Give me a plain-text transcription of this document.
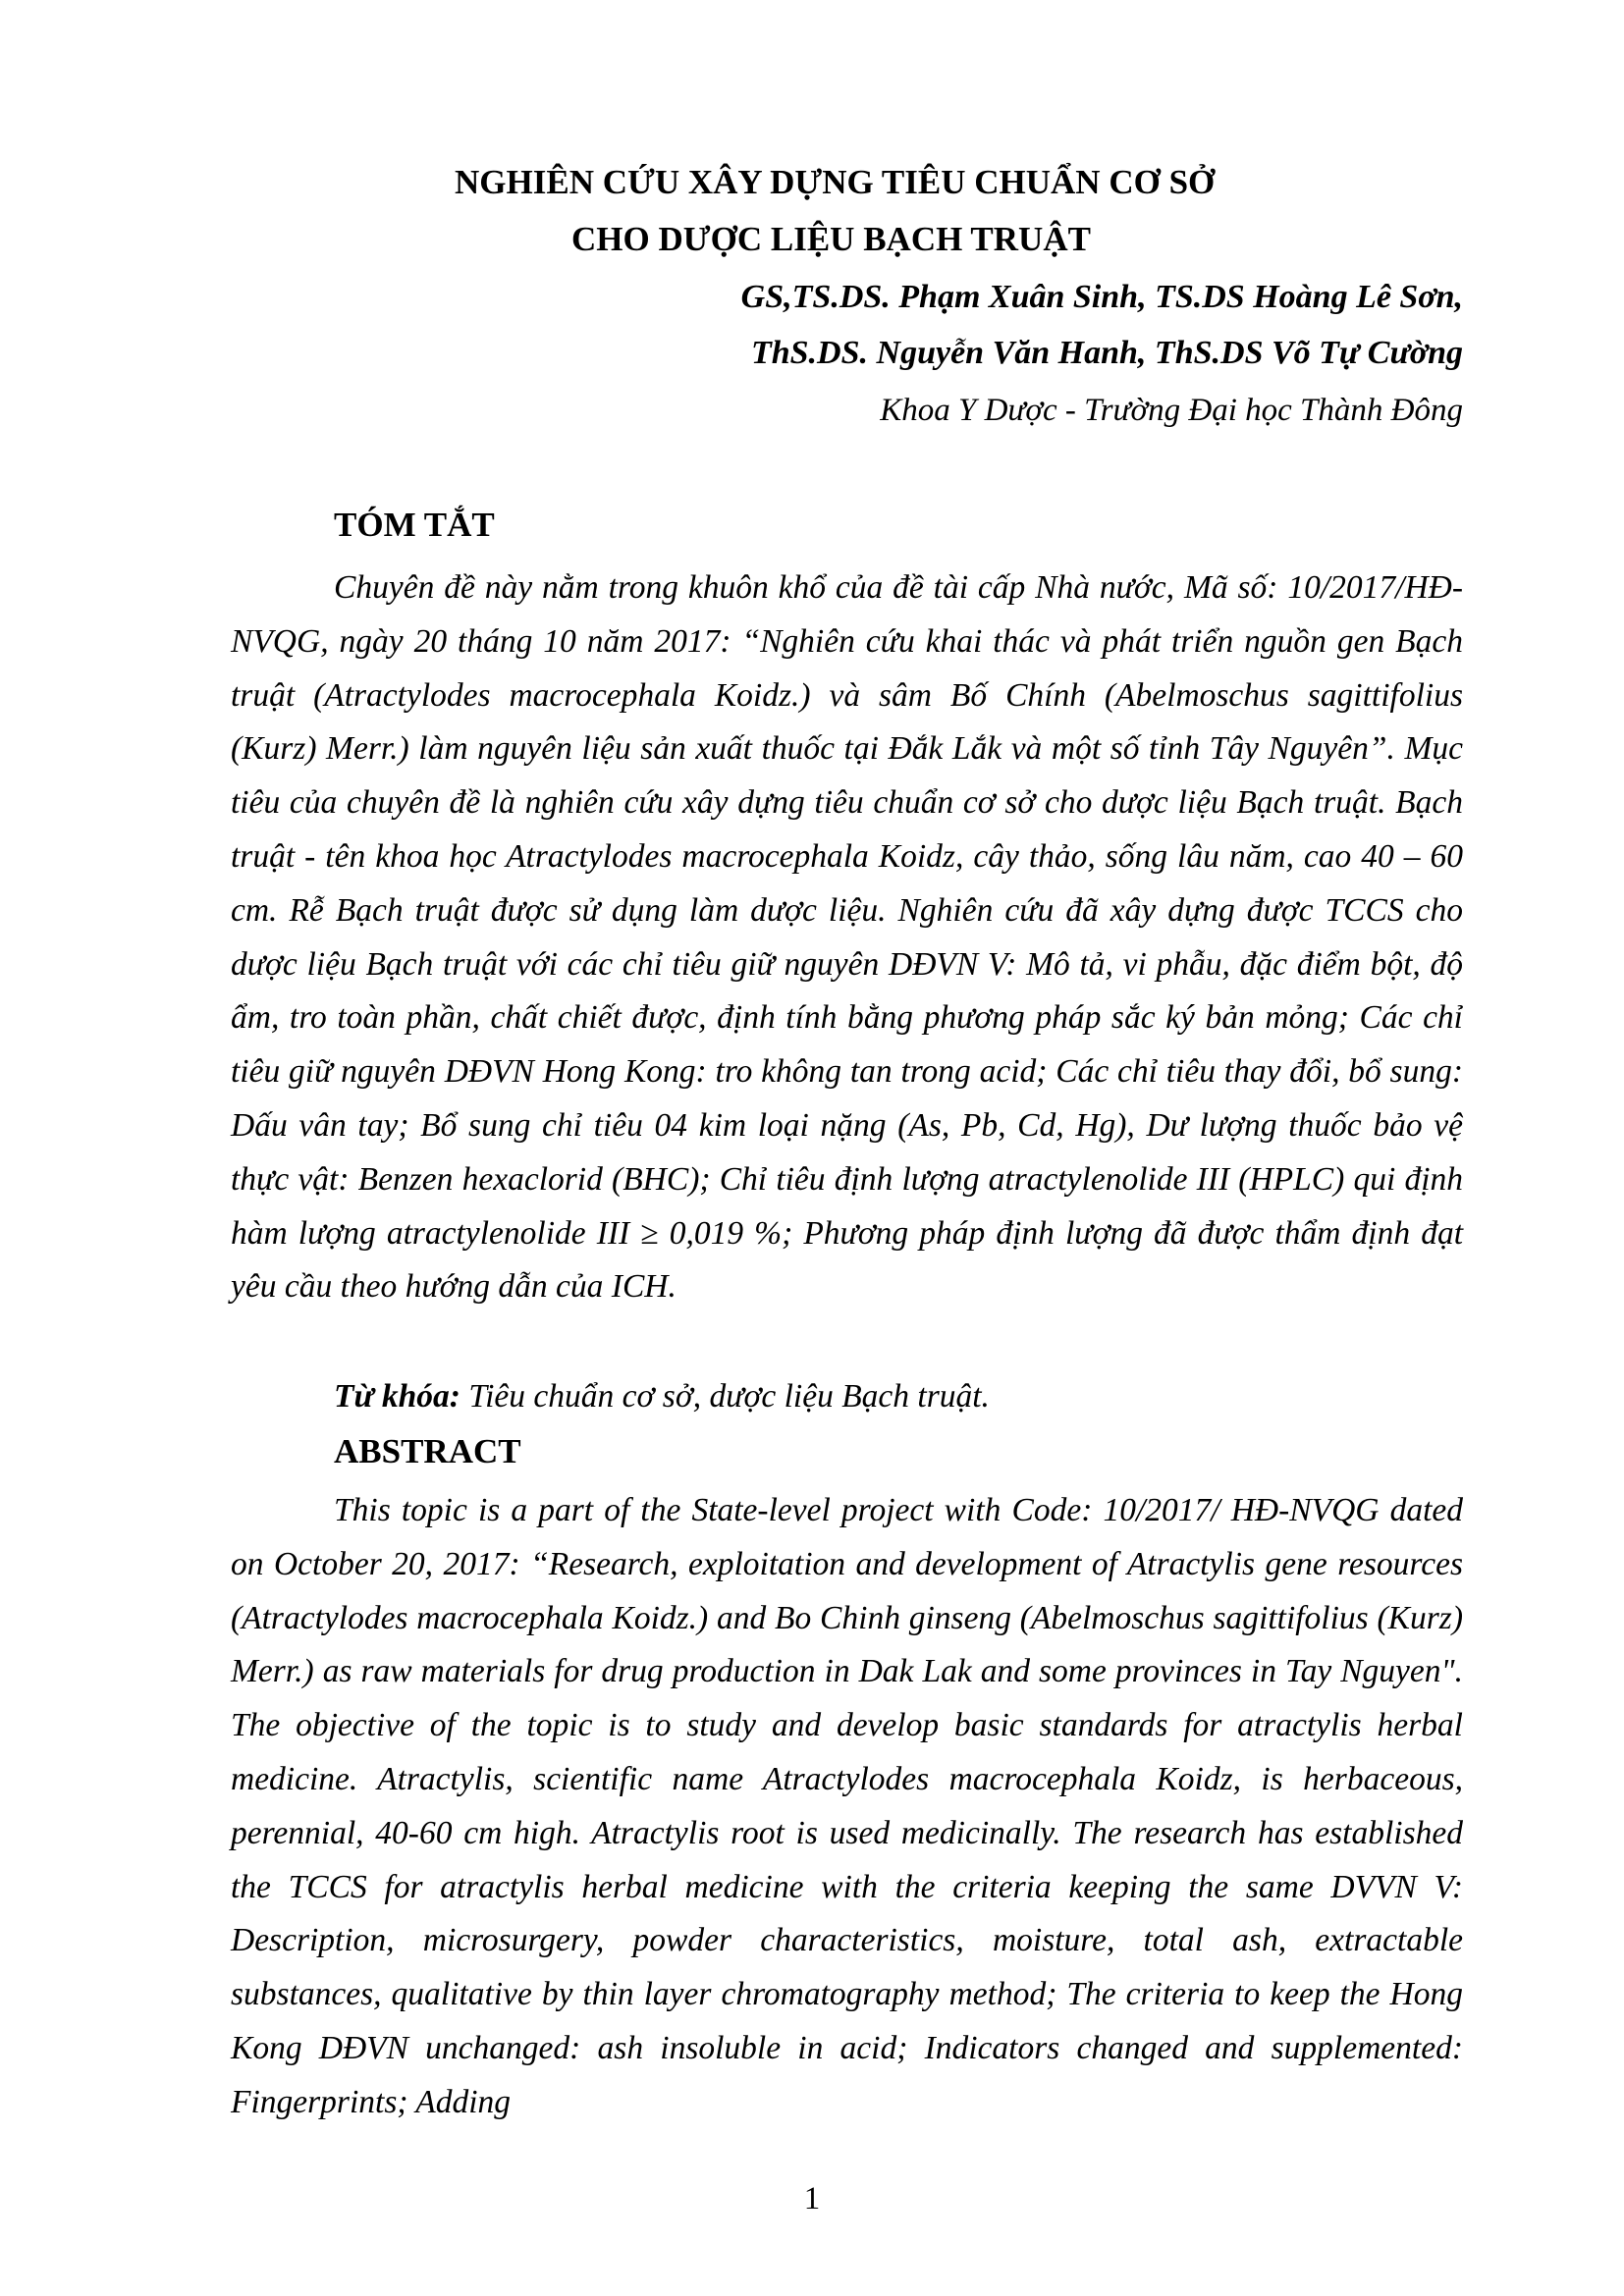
NGHIÊN CỨU XÂY DỰNG TIÊU CHUẨN CƠ SỞ
CHO DƯỢC LIỆU BẠCH TRUẬT
GS,TS.DS. Phạm Xuân Sinh, TS.DS Hoàng Lê Sơn,
ThS.DS. Nguyễn Văn Hanh, ThS.DS Võ Tự Cường
Khoa Y Dược - Trường Đại học Thành Đông
TÓM TẮT
Chuyên đề này nằm trong khuôn khổ của đề tài cấp Nhà nước, Mã số: 10/2017/HĐ-NVQG, ngày 20 tháng 10 năm 2017: “Nghiên cứu khai thác và phát triển nguồn gen Bạch truật (Atractylodes macrocephala Koidz.) và sâm Bố Chính (Abelmoschus sagittifolius (Kurz) Merr.) làm nguyên liệu sản xuất thuốc tại Đắk Lắk và một số tỉnh Tây Nguyên”. Mục tiêu của chuyên đề là nghiên cứu xây dựng tiêu chuẩn cơ sở cho dược liệu Bạch truật. Bạch truật - tên khoa học Atractylodes macrocephala Koidz, cây thảo, sống lâu năm, cao 40 – 60 cm. Rễ Bạch truật được sử dụng làm dược liệu. Nghiên cứu đã xây dựng được TCCS cho dược liệu Bạch truật với các chỉ tiêu giữ nguyên DĐVN V: Mô tả, vi phẫu, đặc điểm bột, độ ẩm, tro toàn phần, chất chiết được, định tính bằng phương pháp sắc ký bản mỏng; Các chỉ tiêu giữ nguyên DĐVN Hong Kong: tro không tan trong acid; Các chỉ tiêu thay đổi, bổ sung: Dấu vân tay; Bổ sung chỉ tiêu 04 kim loại nặng (As, Pb, Cd, Hg), Dư lượng thuốc bảo vệ thực vật: Benzen hexaclorid (BHC); Chỉ tiêu định lượng atractylenolide III (HPLC) qui định hàm lượng atractylenolide III ≥ 0,019 %; Phương pháp định lượng đã được thẩm định đạt yêu cầu theo hướng dẫn của ICH.
Từ khóa: Tiêu chuẩn cơ sở, dược liệu Bạch truật.
ABSTRACT
This topic is a part of the State-level project with Code: 10/2017/ HĐ-NVQG dated on October 20, 2017: “Research, exploitation and development of Atractylis gene resources (Atractylodes macrocephala Koidz.) and Bo Chinh ginseng (Abelmoschus sagittifolius (Kurz) Merr.) as raw materials for drug production in Dak Lak and some provinces in Tay Nguyen". The objective of the topic is to study and develop basic standards for atractylis herbal medicine. Atractylis, scientific name Atractylodes macrocephala Koidz, is herbaceous, perennial, 40-60 cm high. Atractylis root is used medicinally. The research has established the TCCS for atractylis herbal medicine with the criteria keeping the same DVVN V: Description, microsurgery, powder characteristics, moisture, total ash, extractable substances, qualitative by thin layer chromatography method; The criteria to keep the Hong Kong DĐVN unchanged: ash insoluble in acid; Indicators changed and supplemented: Fingerprints; Adding
1
